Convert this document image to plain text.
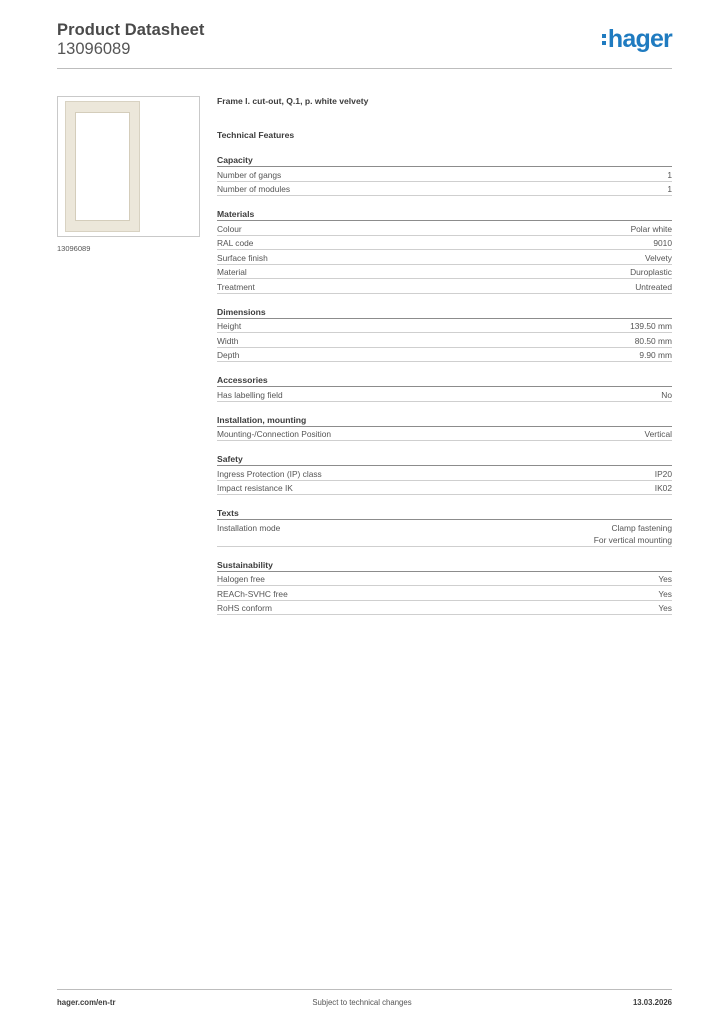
Product Datasheet
13096089	hager
13096089
Frame l. cut-out, Q.1, p. white velvety
Technical Features
Capacity
Number of gangs	1
Number of modules	1
Materials
Colour	Polar white
RAL code	9010
Surface finish	Velvety
Material	Duroplastic
Treatment	Untreated
Dimensions
Height	139.50 mm
Width	80.50 mm
Depth	9.90 mm
Accessories
Has labelling field	No
Installation, mounting
Mounting-/Connection Position	Vertical
Safety
Ingress Protection (IP) class	IP20
Impact resistance IK	IK02
Texts
Installation mode	Clamp fastening
For vertical mounting
Sustainability
Halogen free	Yes
REACh-SVHC free	Yes
RoHS conform	Yes
hager.com/en-tr	Subject to technical changes	13.03.2026
